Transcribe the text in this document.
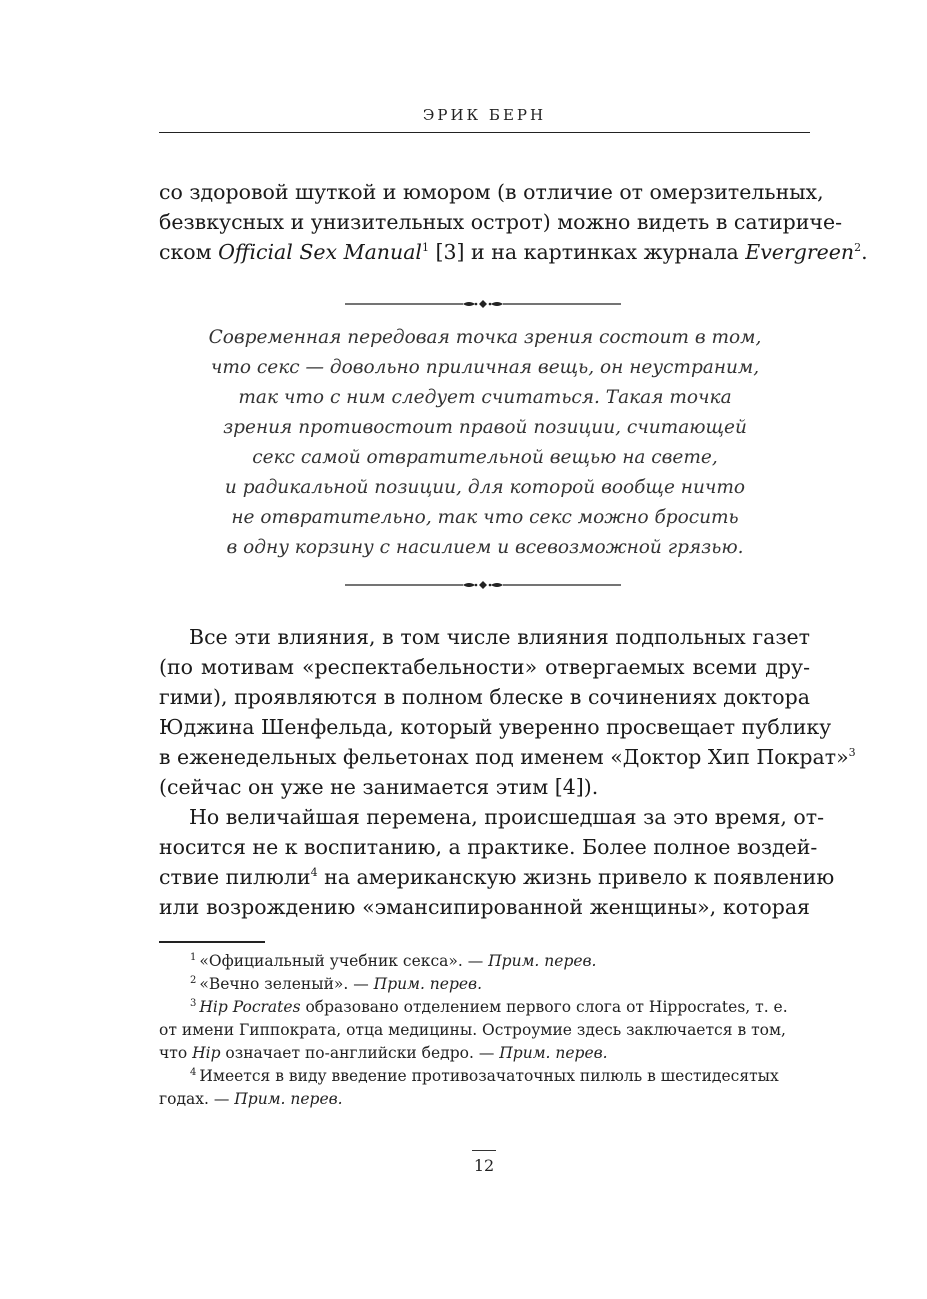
ЭРИК БЕРН
со здоровой шуткой и юмором (в отличие от омерзительных,
безвкусных и унизительных острот) можно видеть в сатириче-
ском Official Sex Manual$^1$ [3] и на картинках журнала Evergreen$^2$.
Современная передовая точка зрения состоит в том,
что секс — довольно приличная вещь, он неустраним,
так что с ним следует считаться. Такая точка
зрения противостоит правой позиции, считающей
секс самой отвратительной вещью на свете,
и радикальной позиции, для которой вообще ничто
не отвратительно, так что секс можно бросить
в одну корзину с насилием и всевозможной грязью.
Все эти влияния, в том числе влияния подпольных газет
(по мотивам «респектабельности» отвергаемых всеми дру-
гими), проявляются в полном блеске в сочинениях доктора
Юджина Шенфельда, который уверенно просвещает публику
в еженедельных фельетонах под именем «Доктор Хип Пократ»$^3$
(сейчас он уже не занимается этим [4]).
Но величайшая перемена, происшедшая за это время, от-
носится не к воспитанию, а практике. Более полное воздей-
ствие пилюли$^4$ на американскую жизнь привело к появлению
или возрождению «эмансипированной женщины», которая
$^1$ «Официальный учебник секса». — Прим. перев.
$^2$ «Вечно зеленый». — Прим. перев.
$^3$ Hip Pocrates образовано отделением первого слога от Hippocrates, т. е.
от имени Гиппократа, отца медицины. Остроумие здесь заключается в том,
что Hip означает по-английски бедро. — Прим. перев.
$^4$ Имеется в виду введение противозачаточных пилюль в шестидесятых
годах. — Прим. перев.
12
